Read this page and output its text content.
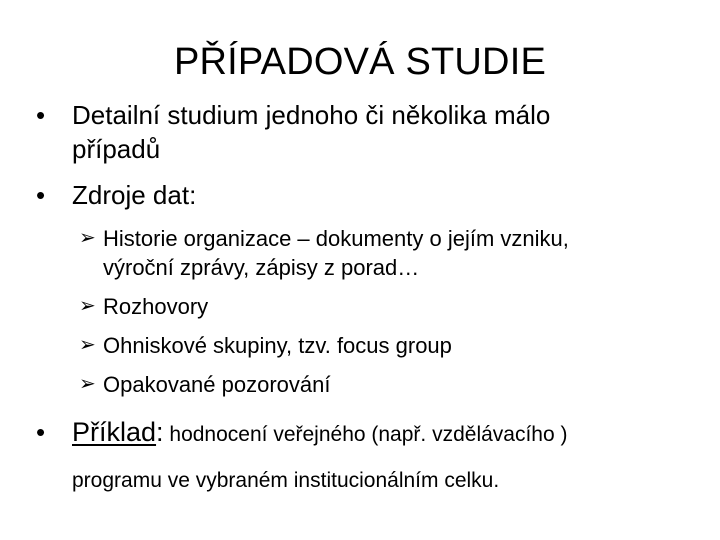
PŘÍPADOVÁ STUDIE
• Detailní studium jednoho či několika málo
případů
• Zdroje dat:
➢ Historie organizace – dokumenty o jejím vzniku,
výroční zprávy, zápisy z porad…
➢ Rozhovory
➢ Ohniskové skupiny, tzv. focus group
➢ Opakované pozorování
• Příklad: hodnocení veřejného (např. vzdělávacího )
programu ve vybraném institucionálním celku.
